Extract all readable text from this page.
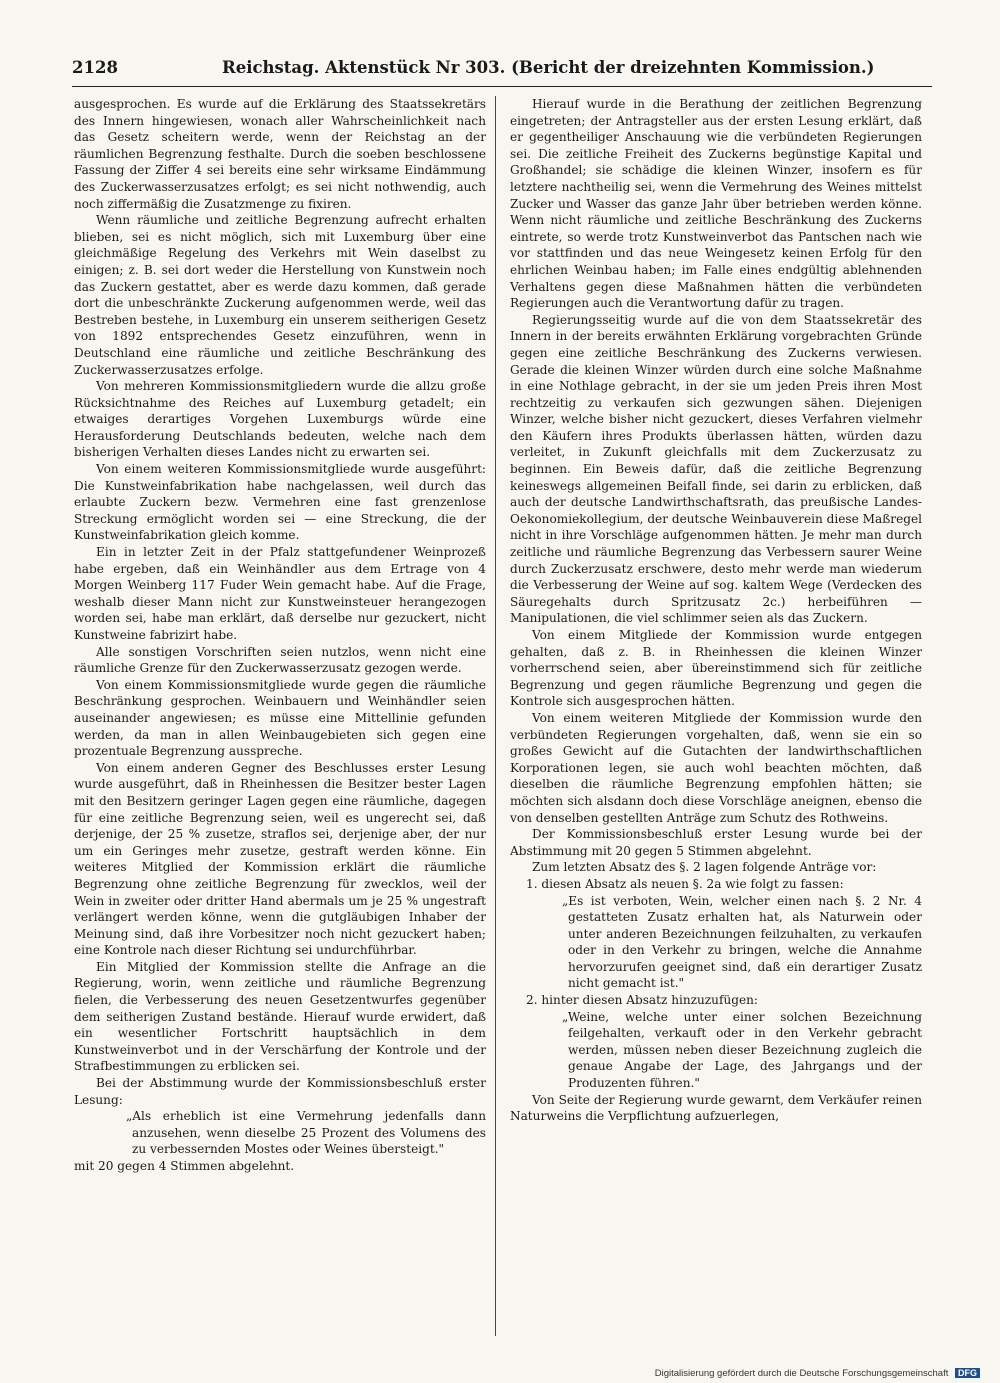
2128	Reichstag. Aktenstück Nr 303. (Bericht der dreizehnten Kommission.)

ausgesprochen. Es wurde auf die Erklärung des Staatssekretärs des Innern hingewiesen, wonach aller Wahrscheinlichkeit nach das Gesetz scheitern werde, wenn der Reichstag an der räumlichen Begrenzung festhalte. Durch die soeben beschlossene Fassung der Ziffer 4 sei bereits eine sehr wirksame Eindämmung des Zuckerwasserzusatzes erfolgt; es sei nicht nothwendig, auch noch ziffermäßig die Zusatzmenge zu fixiren.

Wenn räumliche und zeitliche Begrenzung aufrecht erhalten blieben, sei es nicht möglich, sich mit Luxemburg über eine gleichmäßige Regelung des Verkehrs mit Wein daselbst zu einigen; z. B. sei dort weder die Herstellung von Kunstwein noch das Zuckern gestattet, aber es werde dazu kommen, daß gerade dort die unbeschränkte Zuckerung aufgenommen werde, weil das Bestreben bestehe, in Luxemburg ein unserem seitherigen Gesetz von 1892 entsprechendes Gesetz einzuführen, wenn in Deutschland eine räumliche und zeitliche Beschränkung des Zuckerwasserzusatzes erfolge.

Von mehreren Kommissionsmitgliedern wurde die allzu große Rücksichtnahme des Reiches auf Luxemburg getadelt; ein etwaiges derartiges Vorgehen Luxemburgs würde eine Herausforderung Deutschlands bedeuten, welche nach dem bisherigen Verhalten dieses Landes nicht zu erwarten sei.

Von einem weiteren Kommissionsmitgliede wurde ausgeführt: Die Kunstweinfabrikation habe nachgelassen, weil durch das erlaubte Zuckern bezw. Vermehren eine fast grenzenlose Streckung ermöglicht worden sei — eine Streckung, die der Kunstweinfabrikation gleich komme.

Ein in letzter Zeit in der Pfalz stattgefundener Weinprozeß habe ergeben, daß ein Weinhändler aus dem Ertrage von 4 Morgen Weinberg 117 Fuder Wein gemacht habe. Auf die Frage, weshalb dieser Mann nicht zur Kunstweinsteuer herangezogen worden sei, habe man erklärt, daß derselbe nur gezuckert, nicht Kunstweine fabrizirt habe.

Alle sonstigen Vorschriften seien nutzlos, wenn nicht eine räumliche Grenze für den Zuckerwasserzusatz gezogen werde.

Von einem Kommissionsmitgliede wurde gegen die räumliche Beschränkung gesprochen. Weinbauern und Weinhändler seien auseinander angewiesen; es müsse eine Mittellinie gefunden werden, da man in allen Weinbaugebieten sich gegen eine prozentuale Begrenzung ausspreche.

Von einem anderen Gegner des Beschlusses erster Lesung wurde ausgeführt, daß in Rheinhessen die Besitzer bester Lagen mit den Besitzern geringer Lagen gegen eine räumliche, dagegen für eine zeitliche Begrenzung seien, weil es ungerecht sei, daß derjenige, der 25 % zusetze, straflos sei, derjenige aber, der nur um ein Geringes mehr zusetze, gestraft werden könne. Ein weiteres Mitglied der Kommission erklärt die räumliche Begrenzung ohne zeitliche Begrenzung für zwecklos, weil der Wein in zweiter oder dritter Hand abermals um je 25 % ungestraft verlängert werden könne, wenn die gutgläubigen Inhaber der Meinung sind, daß ihre Vorbesitzer noch nicht gezuckert haben; eine Kontrole nach dieser Richtung sei undurchführbar.

Ein Mitglied der Kommission stellte die Anfrage an die Regierung, worin, wenn zeitliche und räumliche Begrenzung fielen, die Verbesserung des neuen Gesetzentwurfes gegenüber dem seitherigen Zustand bestände. Hierauf wurde erwidert, daß ein wesentlicher Fortschritt hauptsächlich in dem Kunstweinverbot und in der Verschärfung der Kontrole und der Strafbestimmungen zu erblicken sei.

Bei der Abstimmung wurde der Kommissionsbeschluß erster Lesung:

„Als erheblich ist eine Vermehrung jedenfalls dann anzusehen, wenn dieselbe 25 Prozent des Volumens des zu verbessernden Mostes oder Weines übersteigt."

mit 20 gegen 4 Stimmen abgelehnt.

Hierauf wurde in die Berathung der zeitlichen Begrenzung eingetreten; der Antragsteller aus der ersten Lesung erklärt, daß er gegentheiliger Anschauung wie die verbündeten Regierungen sei. Die zeitliche Freiheit des Zuckerns begünstige Kapital und Großhandel; sie schädige die kleinen Winzer, insofern es für letztere nachtheilig sei, wenn die Vermehrung des Weines mittelst Zucker und Wasser das ganze Jahr über betrieben werden könne. Wenn nicht räumliche und zeitliche Beschränkung des Zuckerns eintrete, so werde trotz Kunstweinverbot das Pantschen nach wie vor stattfinden und das neue Weingesetz keinen Erfolg für den ehrlichen Weinbau haben; im Falle eines endgültig ablehnenden Verhaltens gegen diese Maßnahmen hätten die verbündeten Regierungen auch die Verantwortung dafür zu tragen.

Regierungsseitig wurde auf die von dem Staatssekretär des Innern in der bereits erwähnten Erklärung vorgebrachten Gründe gegen eine zeitliche Beschränkung des Zuckerns verwiesen. Gerade die kleinen Winzer würden durch eine solche Maßnahme in eine Nothlage gebracht, in der sie um jeden Preis ihren Most rechtzeitig zu verkaufen sich gezwungen sähen. Diejenigen Winzer, welche bisher nicht gezuckert, dieses Verfahren vielmehr den Käufern ihres Produkts überlassen hätten, würden dazu verleitet, in Zukunft gleichfalls mit dem Zuckerzusatz zu beginnen. Ein Beweis dafür, daß die zeitliche Begrenzung keineswegs allgemeinen Beifall finde, sei darin zu erblicken, daß auch der deutsche Landwirthschaftsrath, das preußische Landes-Oekonomiekollegium, der deutsche Weinbauverein diese Maßregel nicht in ihre Vorschläge aufgenommen hätten. Je mehr man durch zeitliche und räumliche Begrenzung das Verbessern saurer Weine durch Zuckerzusatz erschwere, desto mehr werde man wiederum die Verbesserung der Weine auf sog. kaltem Wege (Verdecken des Säuregehalts durch Spritzusatz 2c.) herbeiführen — Manipulationen, die viel schlimmer seien als das Zuckern.

Von einem Mitgliede der Kommission wurde entgegen gehalten, daß z. B. in Rheinhessen die kleinen Winzer vorherrschend seien, aber übereinstimmend sich für zeitliche Begrenzung und gegen räumliche Begrenzung und gegen die Kontrole sich ausgesprochen hätten.

Von einem weiteren Mitgliede der Kommission wurde den verbündeten Regierungen vorgehalten, daß, wenn sie ein so großes Gewicht auf die Gutachten der landwirthschaftlichen Korporationen legen, sie auch wohl beachten möchten, daß dieselben die räumliche Begrenzung empfohlen hätten; sie möchten sich alsdann doch diese Vorschläge aneignen, ebenso die von denselben gestellten Anträge zum Schutz des Rothweins.

Der Kommissionsbeschluß erster Lesung wurde bei der Abstimmung mit 20 gegen 5 Stimmen abgelehnt.

Zum letzten Absatz des §. 2 lagen folgende Anträge vor:

1. diesen Absatz als neuen §. 2a wie folgt zu fassen:

„Es ist verboten, Wein, welcher einen nach §. 2 Nr. 4 gestatteten Zusatz erhalten hat, als Naturwein oder unter anderen Bezeichnungen feilzuhalten, zu verkaufen oder in den Verkehr zu bringen, welche die Annahme hervorzurufen geeignet sind, daß ein derartiger Zusatz nicht gemacht ist."

2. hinter diesen Absatz hinzuzufügen:

„Weine, welche unter einer solchen Bezeichnung feilgehalten, verkauft oder in den Verkehr gebracht werden, müssen neben dieser Bezeichnung zugleich die genaue Angabe der Lage, des Jahrgangs und der Produzenten führen."

Von Seite der Regierung wurde gewarnt, dem Verkäufer reinen Naturweins die Verpflichtung aufzuerlegen,

Digitalisierung gefördert durch die Deutsche Forschungsgemeinschaft DFG
